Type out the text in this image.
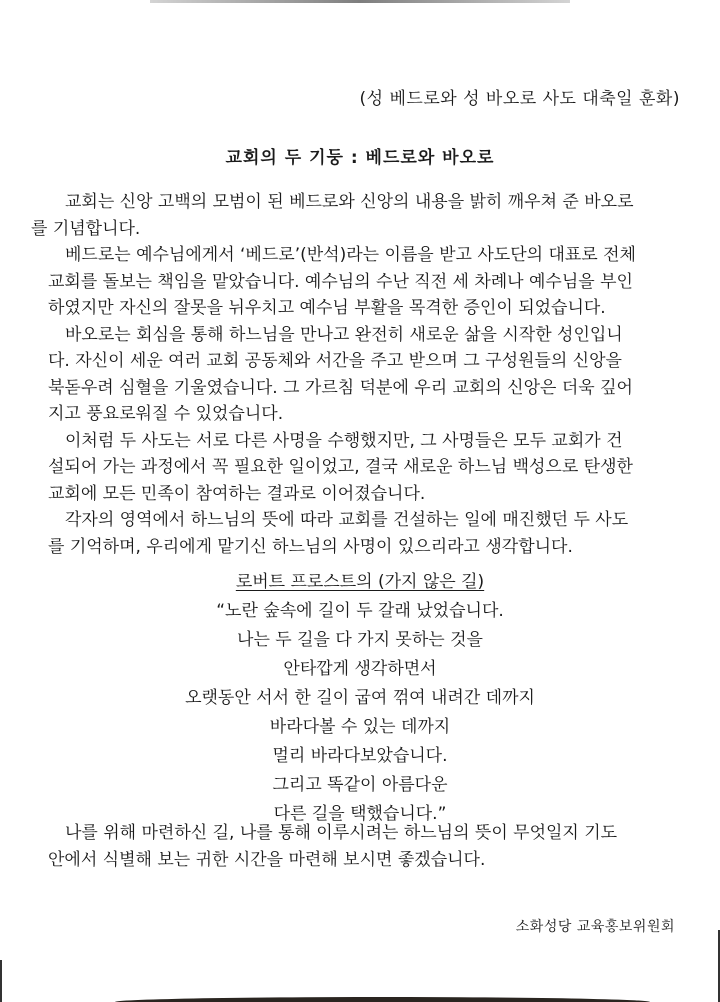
(성 베드로와 성 바오로 사도 대축일 훈화)
교회의 두 기둥 : 베드로와 바오로

교회는 신앙 고백의 모범이 된 베드로와 신앙의 내용을 밝히 깨우쳐 준 바오로
를 기념합니다.

베드로는 예수님에게서 ‘베드로’(반석)라는 이름을 받고 사도단의 대표로 전체
교회를 돌보는 책임을 맡았습니다. 예수님의 수난 직전 세 차례나 예수님을 부인
하였지만 자신의 잘못을 뉘우치고 예수님 부활을 목격한 증인이 되었습니다.

바오로는 회심을 통해 하느님을 만나고 완전히 새로운 삶을 시작한 성인입니
다. 자신이 세운 여러 교회 공동체와 서간을 주고 받으며 그 구성원들의 신앙을
북돋우려 심혈을 기울였습니다. 그 가르침 덕분에 우리 교회의 신앙은 더욱 깊어
지고 풍요로워질 수 있었습니다.

이처럼 두 사도는 서로 다른 사명을 수행했지만, 그 사명들은 모두 교회가 건
설되어 가는 과정에서 꼭 필요한 일이었고, 결국 새로운 하느님 백성으로 탄생한
교회에 모든 민족이 참여하는 결과로 이어졌습니다.

각자의 영역에서 하느님의 뜻에 따라 교회를 건설하는 일에 매진했던 두 사도
를 기억하며, 우리에게 맡기신 하느님의 사명이 있으리라고 생각합니다.

로버트 프로스트의 (가지 않은 길)
“노란 숲속에 길이 두 갈래 났었습니다.
나는 두 길을 다 가지 못하는 것을
안타깝게 생각하면서
오랫동안 서서 한 길이 굽여 꺾여 내려간 데까지
바라다볼 수 있는 데까지
멀리 바라다보았습니다.
그리고 똑같이 아름다운
다른 길을 택했습니다.”
나를 위해 마련하신 길, 나를 통해 이루시려는 하느님의 뜻이 무엇일지 기도
안에서 식별해 보는 귀한 시간을 마련해 보시면 좋겠습니다.
소화성당 교육홍보위원회
